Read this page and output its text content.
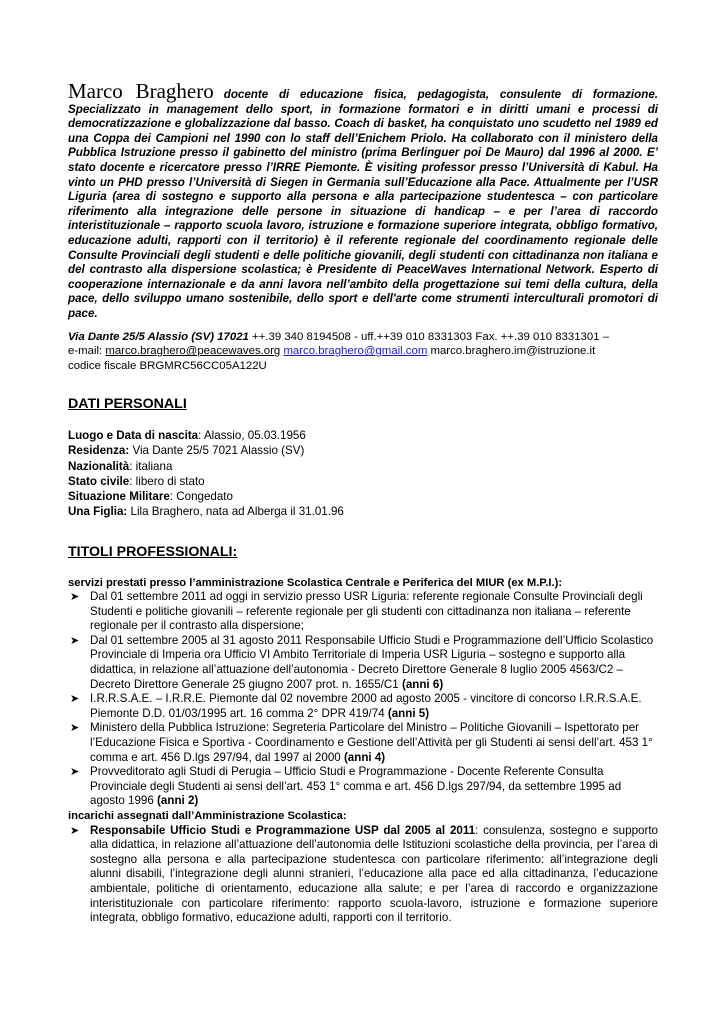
Marco Braghero docente di educazione fisica, pedagogista, consulente di formazione. Specializzato in management dello sport, in formazione formatori e in diritti umani e processi di democratizzazione e globalizzazione dal basso. Coach di basket, ha conquistato uno scudetto nel 1989 ed una Coppa dei Campioni nel 1990 con lo staff dell’Enichem Priolo. Ha collaborato con il ministero della Pubblica Istruzione presso il gabinetto del ministro (prima Berlinguer poi De Mauro) dal 1996 al 2000. E’ stato docente e ricercatore presso l’IRRE Piemonte. È visiting professor presso l’Università di Kabul. Ha vinto un PHD presso l’Università di Siegen in Germania sull’Educazione alla Pace. Attualmente per l’USR Liguria (area di sostegno e supporto alla persona e alla partecipazione studentesca – con particolare riferimento alla integrazione delle persone in situazione di handicap – e per l’area di raccordo interistituzionale – rapporto scuola lavoro, istruzione e formazione superiore integrata, obbligo formativo, educazione adulti, rapporti con il territorio) è il referente regionale del coordinamento regionale delle Consulte Provinciali degli studenti e delle politiche giovanili, degli studenti con cittadinanza non italiana e del contrasto alla dispersione scolastica; è Presidente di PeaceWaves International Network. Esperto di cooperazione internazionale e da anni lavora nell’ambito della progettazione sui temi della cultura, della pace, dello sviluppo umano sostenibile, dello sport e dell'arte come strumenti interculturali promotori di pace.

Via Dante 25/5 Alassio (SV) 17021 ++.39 340 8194508 - uff.++39 010 8331303 Fax. ++.39 010 8331301 –
e-mail: marco.braghero@peacewaves.org marco.braghero@gmail.com marco.braghero.im@istruzione.it
codice fiscale BRGMRC56CC05A122U
DATI PERSONALI
Luogo e Data di nascita: Alassio, 05.03.1956
Residenza: Via Dante 25/5 7021 Alassio (SV)
Nazionalità: italiana
Stato civile: libero di stato
Situazione Militare: Congedato
Una Figlia: Lila Braghero, nata ad Alberga il 31.01.96
TITOLI PROFESSIONALI:

servizi prestati presso l’amministrazione Scolastica Centrale e Periferica del MIUR (ex M.P.I.):

➤ Dal 01 settembre 2011 ad oggi in servizio presso USR Liguria: referente regionale Consulte Provinciali degli Studenti e politiche giovanili – referente regionale per gli studenti con cittadinanza non italiana – referente regionale per il contrasto alla dispersione;
➤ Dal 01 settembre 2005 al 31 agosto 2011 Responsabile Ufficio Studi e Programmazione dell’Ufficio Scolastico Provinciale di Imperia ora Ufficio VI Ambito Territoriale di Imperia USR Liguria – sostegno e supporto alla didattica, in relazione all’attuazione dell’autonomia - Decreto Direttore Generale 8 luglio 2005 4563/C2 – Decreto Direttore Generale 25 giugno 2007 prot. n. 1655/C1 (anni 6)
➤ I.R.R.S.A.E. – I.R.R.E. Piemonte dal 02 novembre 2000 ad agosto 2005 - vincitore di concorso I.R.R.S.A.E. Piemonte D.D. 01/03/1995 art. 16 comma 2° DPR 419/74 (anni 5)
➤ Ministero della Pubblica Istruzione: Segreteria Particolare del Ministro – Politiche Giovanili – Ispettorato per l’Educazione Fisica e Sportiva - Coordinamento e Gestione dell’Attività per gli Studenti ai sensi dell’art. 453 1° comma e art. 456 D.lgs 297/94, dal 1997 al 2000 (anni 4)
➤ Provveditorato agli Studi di Perugia – Ufficio Studi e Programmazione - Docente Referente Consulta Provinciale degli Studenti ai sensi dell’art. 453 1° comma e art. 456 D.lgs 297/94, da settembre 1995 ad agosto 1996 (anni 2)

incarichi assegnati dall’Amministrazione Scolastica:

➤ Responsabile Ufficio Studi e Programmazione USP dal 2005 al 2011: consulenza, sostegno e supporto alla didattica, in relazione all’attuazione dell’autonomia delle Istituzioni scolastiche della provincia, per l’area di sostegno alla persona e alla partecipazione studentesca con particolare riferimento: all’integrazione degli alunni disabili, l’integrazione degli alunni stranieri, l’educazione alla pace ed alla cittadinanza, l’educazione ambientale, politiche di orientamento, educazione alla salute; e per l’area di raccordo e organizzazione interistituzionale con particolare riferimento: rapporto scuola-lavoro, istruzione e formazione superiore integrata, obbligo formativo, educazione adulti, rapporti con il territorio.
